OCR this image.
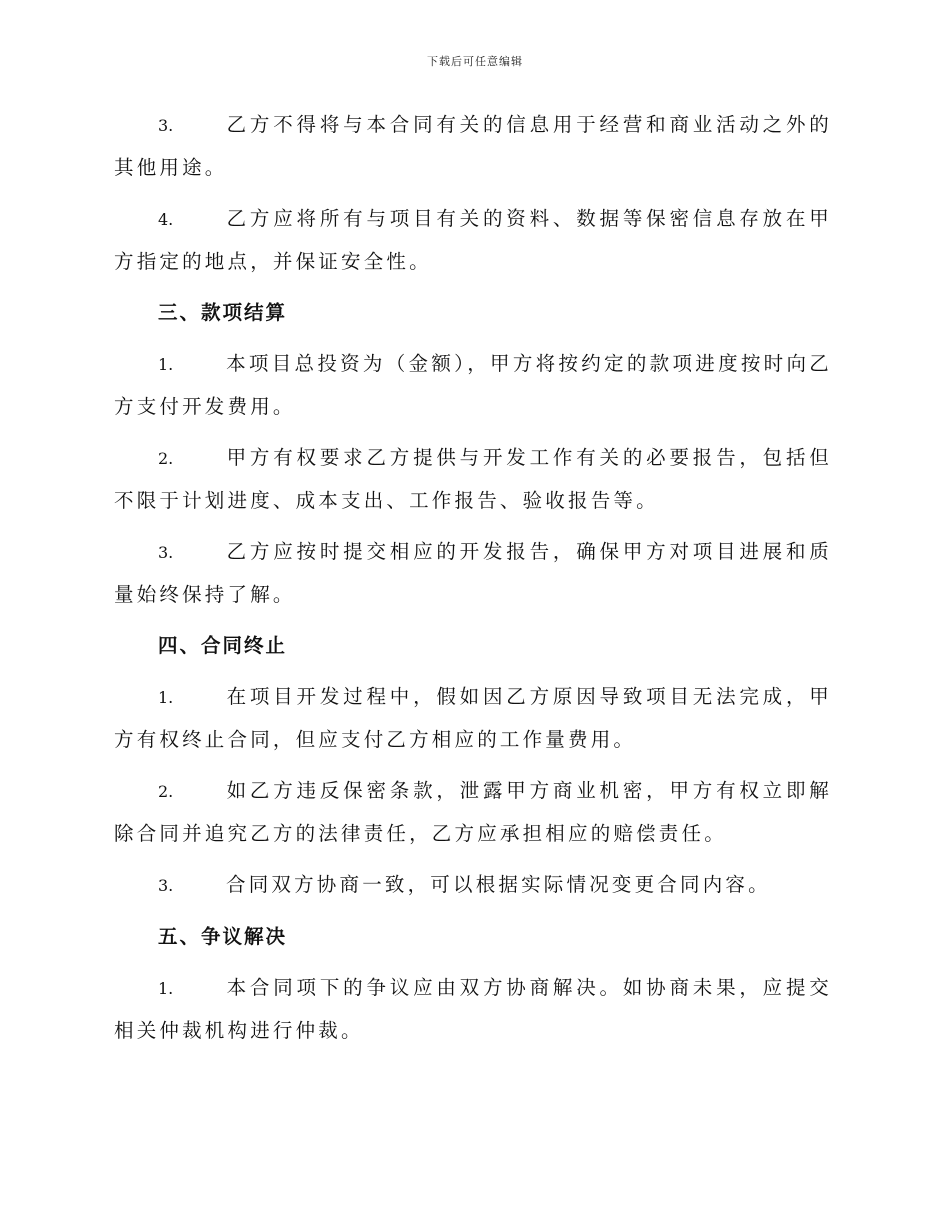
下载后可任意编辑

3.	乙方不得将与本合同有关的信息用于经营和商业活动之外的其他用途。

4.	乙方应将所有与项目有关的资料、数据等保密信息存放在甲方指定的地点，并保证安全性。

三、款项结算

1.	本项目总投资为（金额），甲方将按约定的款项进度按时向乙方支付开发费用。

2.	甲方有权要求乙方提供与开发工作有关的必要报告，包括但不限于计划进度、成本支出、工作报告、验收报告等。

3.	乙方应按时提交相应的开发报告，确保甲方对项目进展和质量始终保持了解。

四、合同终止

1.	在项目开发过程中，假如因乙方原因导致项目无法完成，甲方有权终止合同，但应支付乙方相应的工作量费用。

2.	如乙方违反保密条款，泄露甲方商业机密，甲方有权立即解除合同并追究乙方的法律责任，乙方应承担相应的赔偿责任。

3.	合同双方协商一致，可以根据实际情况变更合同内容。

五、争议解决

1.	本合同项下的争议应由双方协商解决。如协商未果，应提交相关仲裁机构进行仲裁。
